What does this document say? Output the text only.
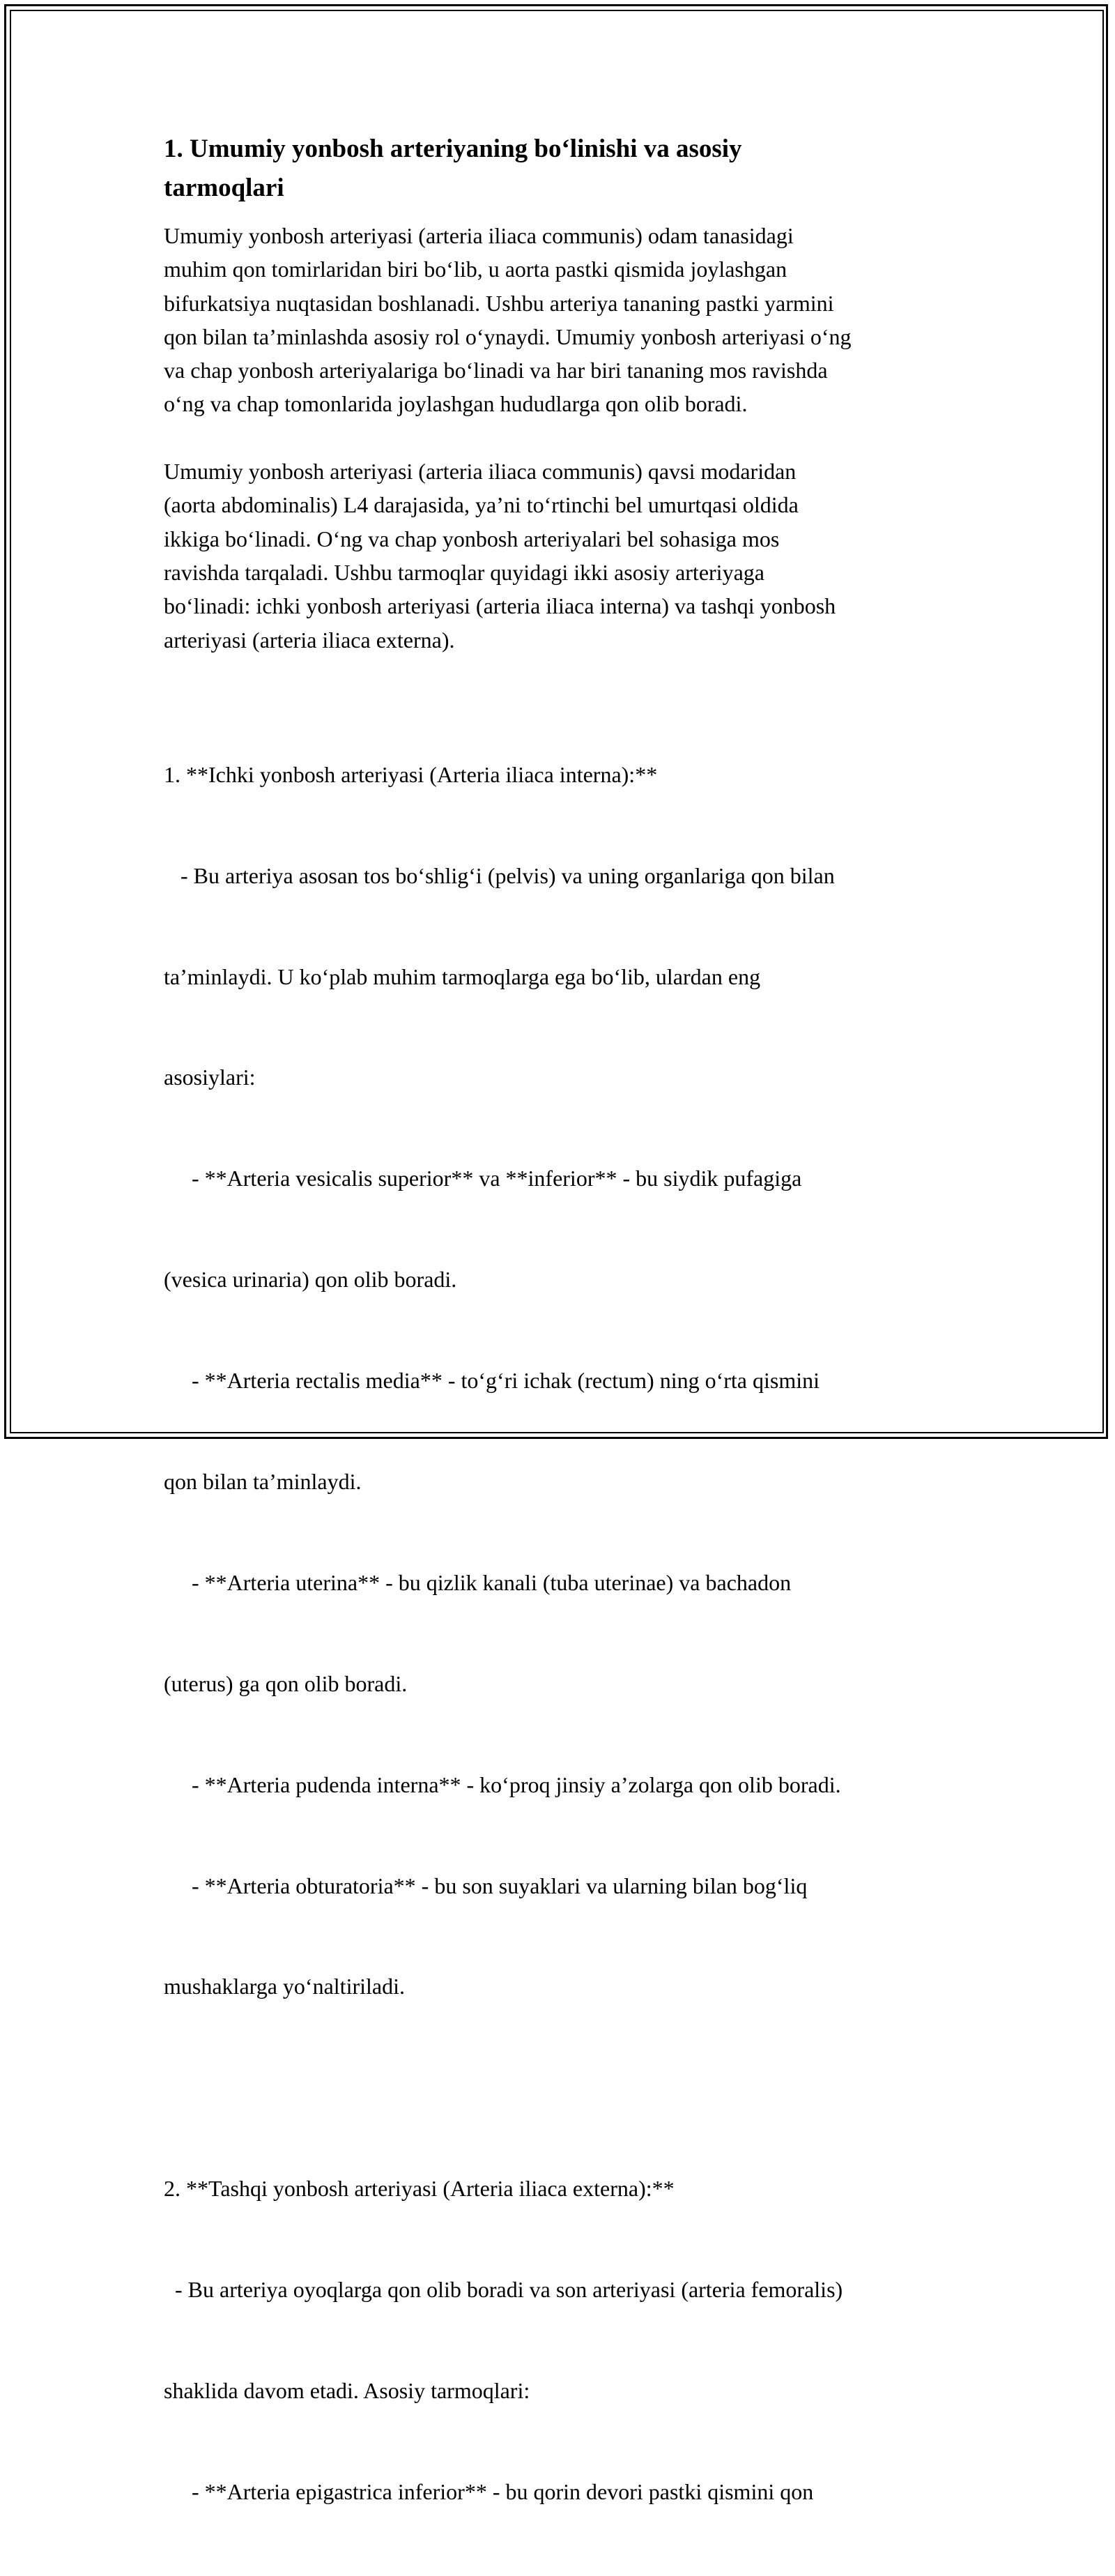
1. Umumiy yonbosh arteriyaning bo‘linishi va asosiy
tarmoqlari
Umumiy yonbosh arteriyasi (arteria iliaca communis) odam tanasidagi
muhim qon tomirlaridan biri bo‘lib, u aorta pastki qismida joylashgan
bifurkatsiya nuqtasidan boshlanadi. Ushbu arteriya tananing pastki yarmini
qon bilan ta’minlashda asosiy rol o‘ynaydi. Umumiy yonbosh arteriyasi o‘ng
va chap yonbosh arteriyalariga bo‘linadi va har biri tananing mos ravishda
o‘ng va chap tomonlarida joylashgan hududlarga qon olib boradi.
Umumiy yonbosh arteriyasi (arteria iliaca communis) qavsi modaridan
(aorta abdominalis) L4 darajasida, ya’ni to‘rtinchi bel umurtqasi oldida
ikkiga bo‘linadi. O‘ng va chap yonbosh arteriyalari bel sohasiga mos
ravishda tarqaladi. Ushbu tarmoqlar quyidagi ikki asosiy arteriyaga
bo‘linadi: ichki yonbosh arteriyasi (arteria iliaca interna) va tashqi yonbosh
arteriyasi (arteria iliaca externa).

1. **Ichki yonbosh arteriyasi (Arteria iliaca interna):**

- Bu arteriya asosan tos bo‘shlig‘i (pelvis) va uning organlariga qon bilan

ta’minlaydi. U ko‘plab muhim tarmoqlarga ega bo‘lib, ulardan eng

asosiylari:

- **Arteria vesicalis superior** va **inferior** - bu siydik pufagiga

(vesica urinaria) qon olib boradi.

- **Arteria rectalis media** - to‘g‘ri ichak (rectum) ning o‘rta qismini

qon bilan ta’minlaydi.

- **Arteria uterina** - bu qizlik kanali (tuba uterinae) va bachadon

(uterus) ga qon olib boradi.

- **Arteria pudenda interna** - ko‘proq jinsiy a’zolarga qon olib boradi.

- **Arteria obturatoria** - bu son suyaklari va ularning bilan bog‘liq

mushaklarga yo‘naltiriladi.

2. **Tashqi yonbosh arteriyasi (Arteria iliaca externa):**

- Bu arteriya oyoqlarga qon olib boradi va son arteriyasi (arteria femoralis)

shaklida davom etadi. Asosiy tarmoqlari:

- **Arteria epigastrica inferior** - bu qorin devori pastki qismini qon
